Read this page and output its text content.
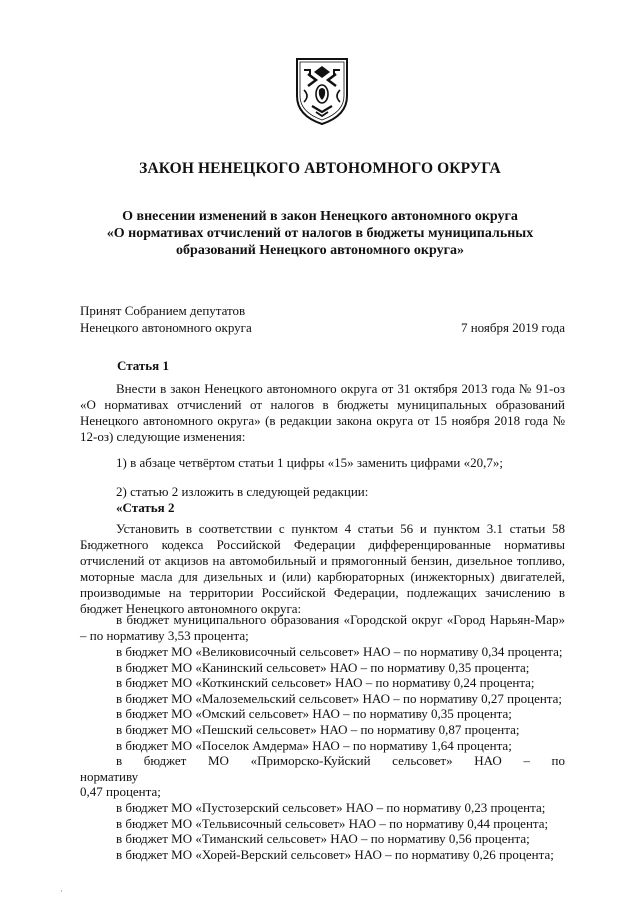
ЗАКОН НЕНЕЦКОГО АВТОНОМНОГО ОКРУГА
О внесении изменений в закон Ненецкого автономного округа
«О нормативах отчислений от налогов в бюджеты муниципальных
образований Ненецкого автономного округа»
Принят Собранием депутатов
Ненецкого автономного округа	7 ноября 2019 года
Статья 1
Внести в закон Ненецкого автономного округа от 31 октября 2013 года № 91-оз «О нормативах отчислений от налогов в бюджеты муниципальных образований Ненецкого автономного округа» (в редакции закона округа от 15 ноября 2018 года № 12-оз) следующие изменения:
1) в абзаце четвёртом статьи 1 цифры «15» заменить цифрами «20,7»;
2) статью 2 изложить в следующей редакции:
«Статья 2
Установить в соответствии с пунктом 4 статьи 56 и пунктом 3.1 статьи 58 Бюджетного кодекса Российской Федерации дифференцированные нормативы отчислений от акцизов на автомобильный и прямогонный бензин, дизельное топливо, моторные масла для дизельных и (или) карбюраторных (инжекторных) двигателей, производимые на территории Российской Федерации, подлежащих зачислению в бюджет Ненецкого автономного округа:
в бюджет муниципального образования «Городской округ «Город Нарьян-Мар» – по нормативу 3,53 процента;
в бюджет МО «Великовисочный сельсовет» НАО – по нормативу 0,34 процента;
в бюджет МО «Канинский сельсовет» НАО – по нормативу 0,35 процента;
в бюджет МО «Коткинский сельсовет» НАО – по нормативу 0,24 процента;
в бюджет МО «Малоземельский сельсовет» НАО – по нормативу 0,27 процента;
в бюджет МО «Омский сельсовет» НАО – по нормативу 0,35 процента;
в бюджет МО «Пешский сельсовет» НАО – по нормативу 0,87 процента;
в бюджет МО «Поселок Амдерма» НАО – по нормативу 1,64 процента;
в бюджет МО «Приморско-Куйский сельсовет» НАО – по нормативу
0,47 процента;
в бюджет МО «Пустозерский сельсовет» НАО – по нормативу 0,23 процента;
в бюджет МО «Тельвисочный сельсовет» НАО – по нормативу 0,44 процента;
в бюджет МО «Тиманский сельсовет» НАО – по нормативу 0,56 процента;
в бюджет МО «Хорей-Верский сельсовет» НАО – по нормативу 0,26 процента;
‚
